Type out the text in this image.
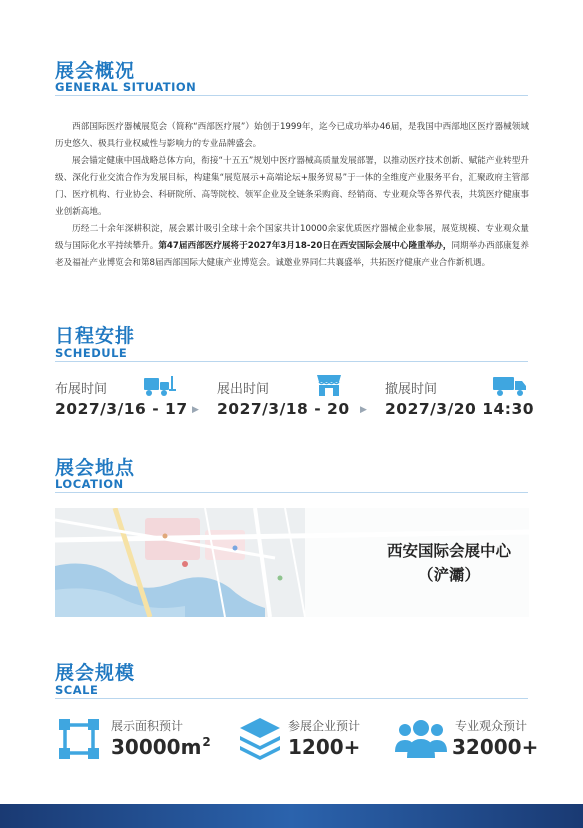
展会概况
GENERAL SITUATION

西部国际医疗器械展览会（简称“西部医疗展”）始创于1999年，迄今已成功举办46届，是我国中西部地区医疗器械领域历史悠久、极具行业权威性与影响力的专业品牌盛会。

展会锚定健康中国战略总体方向，衔接“十五五”规划中医疗器械高质量发展部署，以推动医疗技术创新、赋能产业转型升级、深化行业交流合作为发展目标，构建集“展览展示+高端论坛+服务贸易”于一体的全维度产业服务平台，汇聚政府主管部门、医疗机构、行业协会、科研院所、高等院校、领军企业及全链条采购商、经销商、专业观众等各界代表，共筑医疗健康事业创新高地。

历经二十余年深耕积淀，展会累计吸引全球十余个国家共计10000余家优质医疗器械企业参展，展览规模、专业观众量级与国际化水平持续攀升。第47届西部医疗展将于2027年3月18-20日在西安国际会展中心隆重举办，同期举办西部康复养老及福祉产业博览会和第8届西部国际大健康产业博览会。诚邀业界同仁共襄盛举，共拓医疗健康产业合作新机遇。

日程安排
SCHEDULE
布展时间
2027/3/16 - 17 ▶
展出时间
2027/3/18 - 20 ▶
撤展时间
2027/3/20 14:30
展会地点
LOCATION
西安国际会展中心
（浐灞）
展会规模
SCALE
展示面积预计
$30000m^2$
参展企业预计
1200+
专业观众预计
32000+
